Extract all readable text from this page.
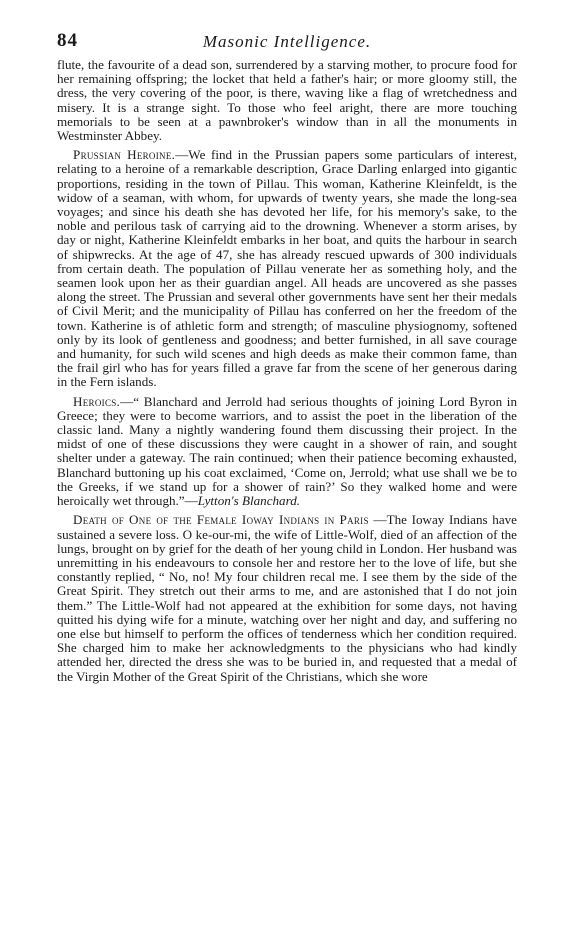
84	Masonic Intelligence.

flute, the favourite of a dead son, surrendered by a starving mother, to procure food for her remaining offspring; the locket that held a father's hair; or more gloomy still, the dress, the very covering of the poor, is there, waving like a flag of wretchedness and misery. It is a strange sight. To those who feel aright, there are more touching memorials to be seen at a pawnbroker's window than in all the monuments in Westminster Abbey.

Prussian Heroine.—We find in the Prussian papers some particulars of interest, relating to a heroine of a remarkable description, Grace Darling enlarged into gigantic proportions, residing in the town of Pillau. This woman, Katherine Kleinfeldt, is the widow of a seaman, with whom, for upwards of twenty years, she made the long-sea voyages; and since his death she has devoted her life, for his memory's sake, to the noble and perilous task of carrying aid to the drowning. Whenever a storm arises, by day or night, Katherine Kleinfeldt embarks in her boat, and quits the harbour in search of shipwrecks. At the age of 47, she has already rescued upwards of 300 individuals from certain death. The population of Pillau venerate her as something holy, and the seamen look upon her as their guardian angel. All heads are uncovered as she passes along the street. The Prussian and several other governments have sent her their medals of Civil Merit; and the municipality of Pillau has conferred on her the freedom of the town. Katherine is of athletic form and strength; of masculine physiognomy, softened only by its look of gentleness and goodness; and better furnished, in all save courage and humanity, for such wild scenes and high deeds as make their common fame, than the frail girl who has for years filled a grave far from the scene of her generous daring in the Fern islands.

Heroics.—“ Blanchard and Jerrold had serious thoughts of joining Lord Byron in Greece; they were to become warriors, and to assist the poet in the liberation of the classic land. Many a nightly wandering found them discussing their project. In the midst of one of these discussions they were caught in a shower of rain, and sought shelter under a gateway. The rain continued; when their patience becoming exhausted, Blanchard buttoning up his coat exclaimed, ‘Come on, Jerrold; what use shall we be to the Greeks, if we stand up for a shower of rain?’ So they walked home and were heroically wet through.”—Lytton's Blanchard.

Death of One of the Female Ioway Indians in Paris —The Ioway Indians have sustained a severe loss. O ke-our-mi, the wife of Little-Wolf, died of an affection of the lungs, brought on by grief for the death of her young child in London. Her husband was unremitting in his endeavours to console her and restore her to the love of life, but she constantly replied, “ No, no! My four children recal me. I see them by the side of the Great Spirit. They stretch out their arms to me, and are astonished that I do not join them.” The Little-Wolf had not appeared at the exhibition for some days, not having quitted his dying wife for a minute, watching over her night and day, and suffering no one else but himself to perform the offices of tenderness which her condition required. She charged him to make her acknowledgments to the physicians who had kindly attended her, directed the dress she was to be buried in, and requested that a medal of the Virgin Mother of the Great Spirit of the Christians, which she wore
